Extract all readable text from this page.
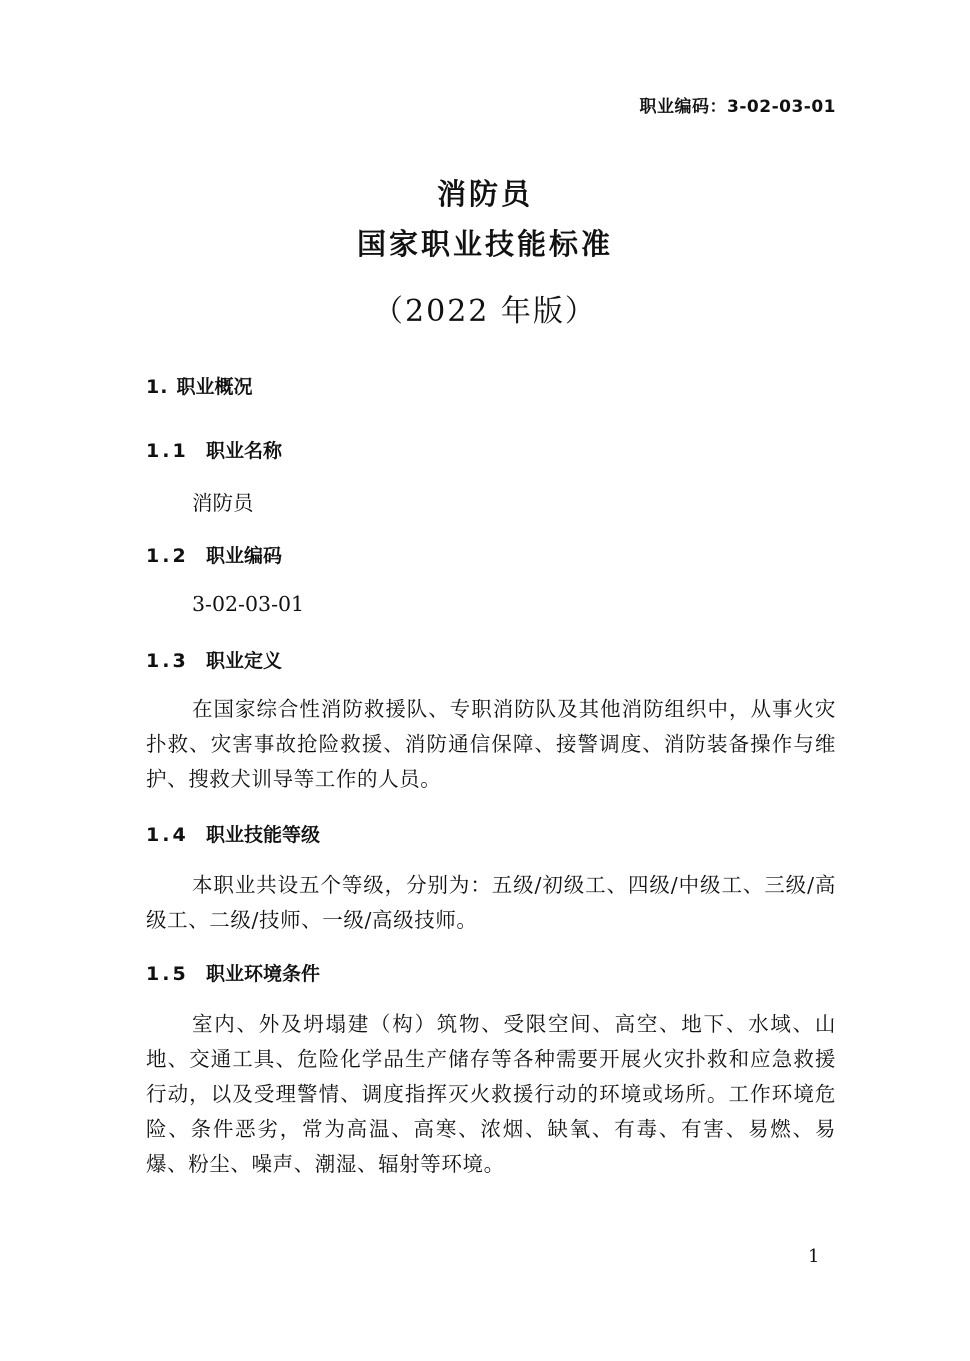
职业编码：3-02-03-01
消防员
国家职业技能标准
（2022 年版）
1. 职业概况
1.1 职业名称
消防员
1.2 职业编码
3-02-03-01
1.3 职业定义
在国家综合性消防救援队、专职消防队及其他消防组织中，从事火灾扑救、灾害事故抢险救援、消防通信保障、接警调度、消防装备操作与维护、搜救犬训导等工作的人员。
1.4 职业技能等级
本职业共设五个等级，分别为：五级/初级工、四级/中级工、三级/高级工、二级/技师、一级/高级技师。
1.5 职业环境条件
室内、外及坍塌建（构）筑物、受限空间、高空、地下、水域、山地、交通工具、危险化学品生产储存等各种需要开展火灾扑救和应急救援行动，以及受理警情、调度指挥灭火救援行动的环境或场所。工作环境危险、条件恶劣，常为高温、高寒、浓烟、缺氧、有毒、有害、易燃、易爆、粉尘、噪声、潮湿、辐射等环境。
1
